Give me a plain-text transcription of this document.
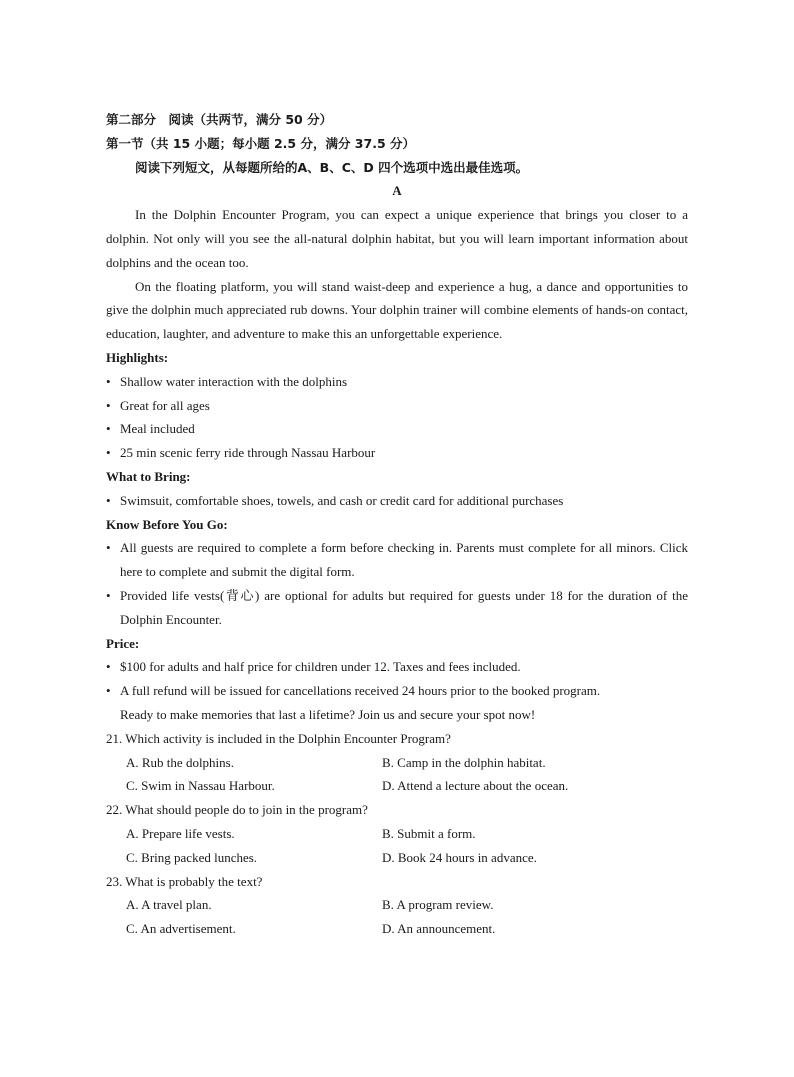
第二部分　阅读（共两节，满分 50 分）
第一节（共 15 小题；每小题 2.5 分，满分 37.5 分）
阅读下列短文，从每题所给的A、B、C、D 四个选项中选出最佳选项。
A
In the Dolphin Encounter Program, you can expect a unique experience that brings you closer to a dolphin. Not only will you see the all-natural dolphin habitat, but you will learn important information about dolphins and the ocean too.
On the floating platform, you will stand waist-deep and experience a hug, a dance and opportunities to give the dolphin much appreciated rub downs. Your dolphin trainer will combine elements of hands-on contact, education, laughter, and adventure to make this an unforgettable experience.
Highlights:
• Shallow water interaction with the dolphins
• Great for all ages
• Meal included
• 25 min scenic ferry ride through Nassau Harbour
What to Bring:
• Swimsuit, comfortable shoes, towels, and cash or credit card for additional purchases
Know Before You Go:
• All guests are required to complete a form before checking in. Parents must complete for all minors. Click here to complete and submit the digital form.
• Provided life vests(背心) are optional for adults but required for guests under 18 for the duration of the Dolphin Encounter.
Price:
• $100 for adults and half price for children under 12. Taxes and fees included.
• A full refund will be issued for cancellations received 24 hours prior to the booked program.
Ready to make memories that last a lifetime? Join us and secure your spot now!
21. Which activity is included in the Dolphin Encounter Program?
A. Rub the dolphins.	B. Camp in the dolphin habitat.
C. Swim in Nassau Harbour.	D. Attend a lecture about the ocean.
22. What should people do to join in the program?
A. Prepare life vests.	B. Submit a form.
C. Bring packed lunches.	D. Book 24 hours in advance.
23. What is probably the text?
A. A travel plan.	B. A program review.
C. An advertisement.	D. An announcement.
